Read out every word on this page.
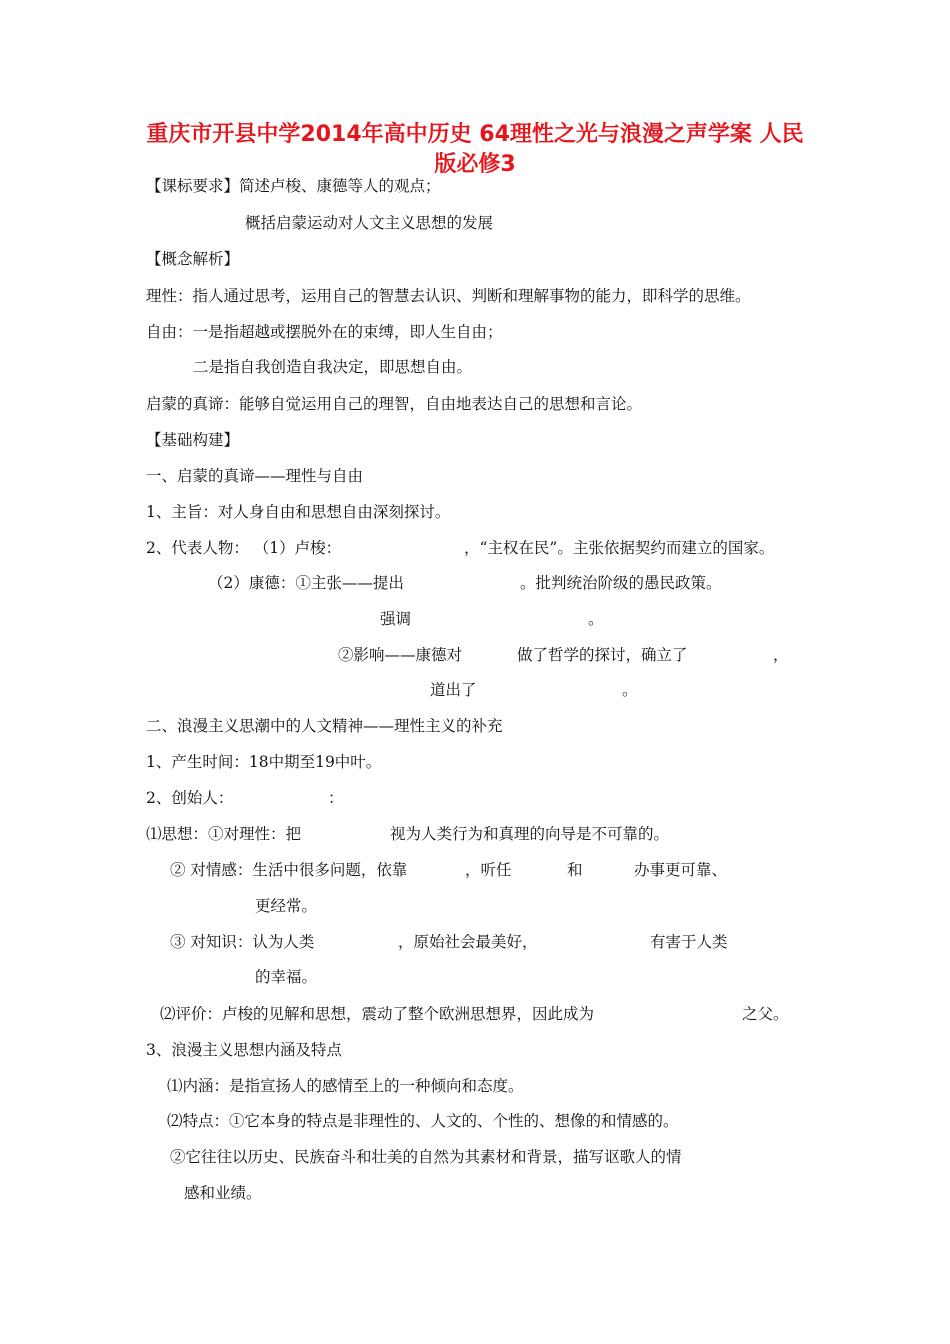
重庆市开县中学2014年高中历史 64理性之光与浪漫之声学案 人民
版必修3
【课标要求】简述卢梭、康德等人的观点；
概括启蒙运动对人文主义思想的发展
【概念解析】
理性：指人通过思考，运用自己的智慧去认识、判断和理解事物的能力，即科学的思维。
自由：一是指超越或摆脱外在的束缚，即人生自由；
二是指自我创造自我决定，即思想自由。
启蒙的真谛：能够自觉运用自己的理智，自由地表达自己的思想和言论。
【基础构建】
一、启蒙的真谛——理性与自由
1、主旨：对人身自由和思想自由深刻探讨。
2、代表人物： （1）卢梭：	，“主权在民”。主张依据契约而建立的国家。
（2）康德：①主张——提出	。批判统治阶级的愚民政策。
强调	。
②影响——康德对	做了哲学的探讨，确立了	，
道出了	。
二、浪漫主义思潮中的人文精神——理性主义的补充
1、产生时间：18中期至19中叶。
2、创始人：	：
⑴思想：①对理性：把	视为人类行为和真理的向导是不可靠的。
② 对情感：生活中很多问题，依靠	，听任	和	办事更可靠、
更经常。
③ 对知识：认为人类	，原始社会最美好，	有害于人类
的幸福。
⑵评价：卢梭的见解和思想，震动了整个欧洲思想界，因此成为	之父。
3、浪漫主义思想内涵及特点
⑴内涵：是指宣扬人的感情至上的一种倾向和态度。
⑵特点：①它本身的特点是非理性的、人文的、个性的、想像的和情感的。
②它往往以历史、民族奋斗和壮美的自然为其素材和背景，描写讴歌人的情
感和业绩。
